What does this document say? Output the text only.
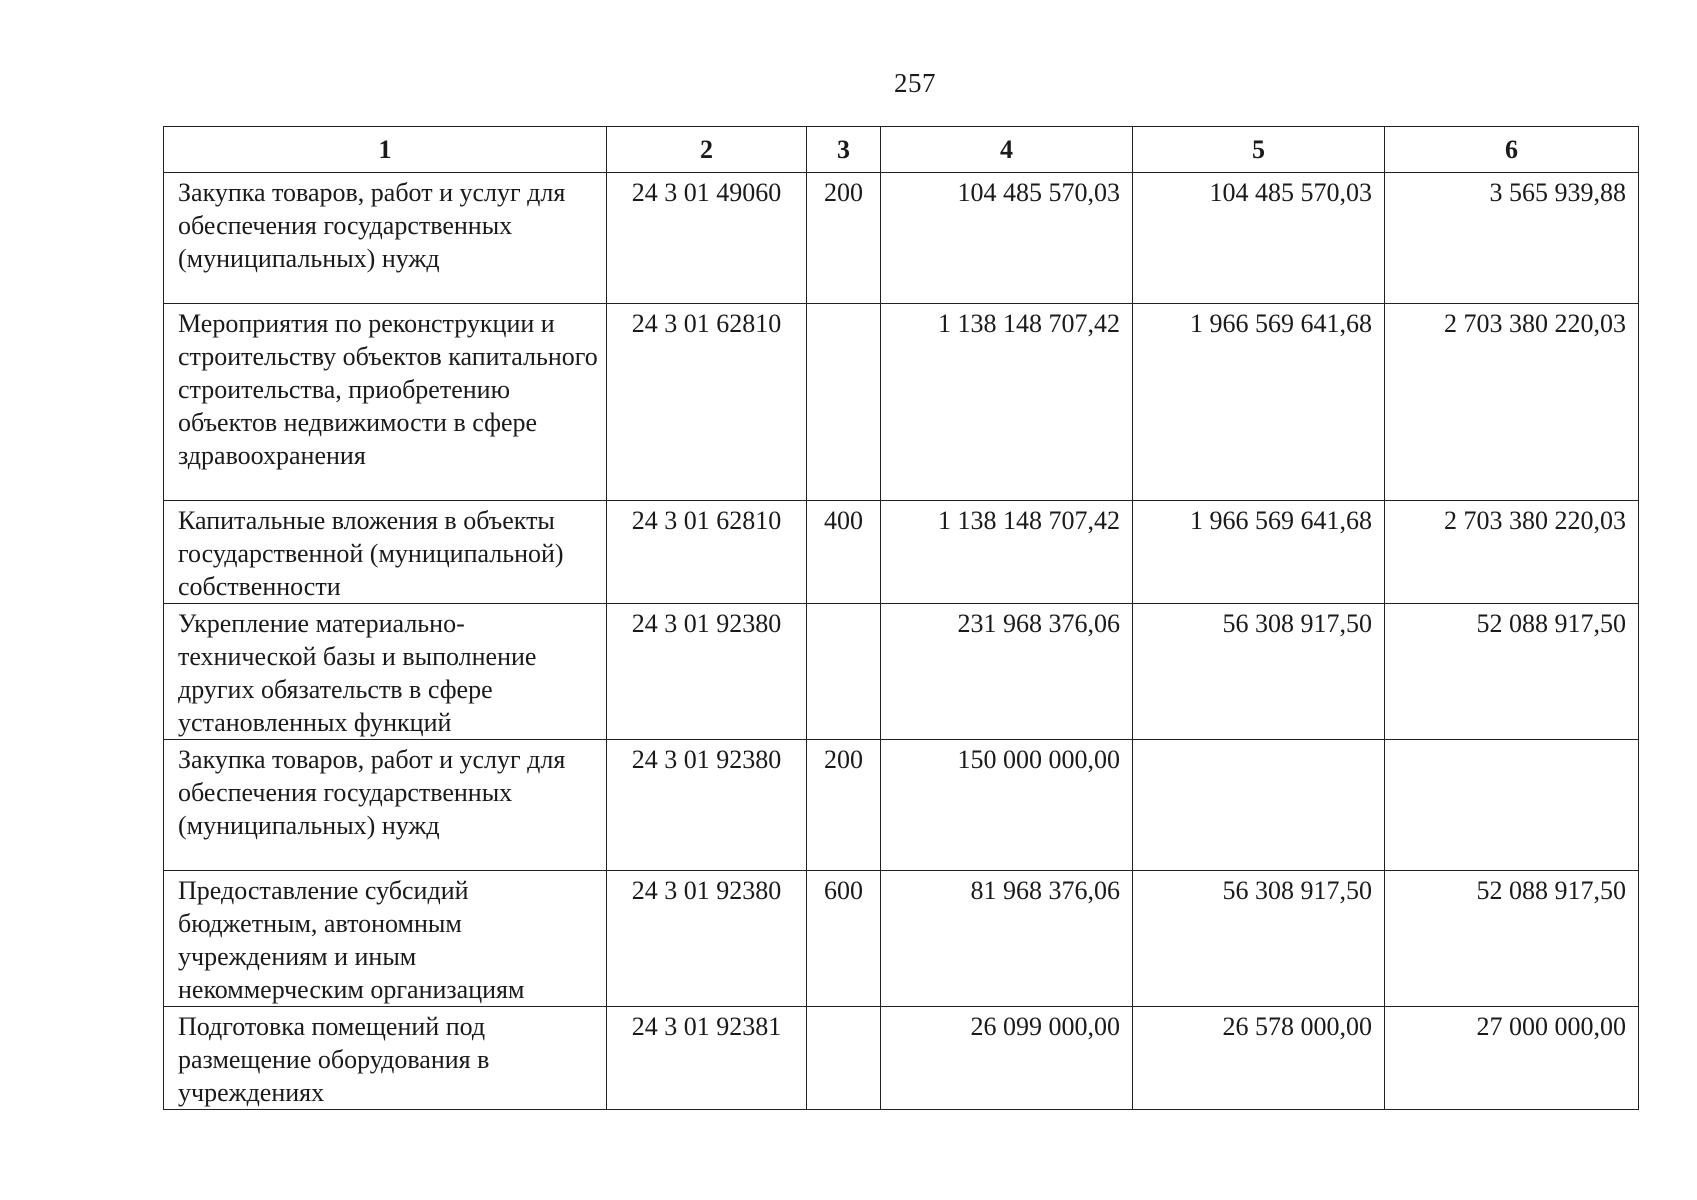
257
1	2	3	4	5	6
Закупка товаров, работ и услуг для обеспечения государственных (муниципальных) нужд	24 3 01 49060	200	104 485 570,03	104 485 570,03	3 565 939,88
Мероприятия по реконструкции и строительству объектов капитального строительства, приобретению объектов недвижимости в сфере здравоохранения	24 3 01 62810		1 138 148 707,42	1 966 569 641,68	2 703 380 220,03
Капитальные вложения в объекты государственной (муниципальной) собственности	24 3 01 62810	400	1 138 148 707,42	1 966 569 641,68	2 703 380 220,03
Укрепление материально-технической базы и выполнение других обязательств в сфере установленных функций	24 3 01 92380		231 968 376,06	56 308 917,50	52 088 917,50
Закупка товаров, работ и услуг для обеспечения государственных (муниципальных) нужд	24 3 01 92380	200	150 000 000,00		
Предоставление субсидий бюджетным, автономным учреждениям и иным некоммерческим организациям	24 3 01 92380	600	81 968 376,06	56 308 917,50	52 088 917,50
Подготовка помещений под размещение оборудования в учреждениях	24 3 01 92381		26 099 000,00	26 578 000,00	27 000 000,00
